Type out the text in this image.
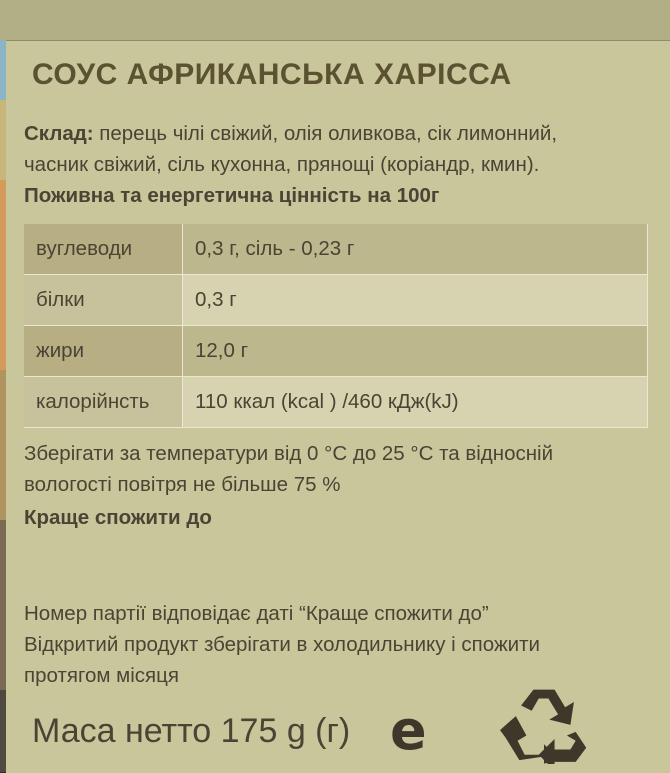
СОУС АФРИКАНСЬКА ХАРІССА
Склад: перець чілі свіжий, олія оливкова, сік лимонний,
часник свіжий, сіль кухонна, прянощі (коріандр, кмин).
Поживна та енергетична цінність на 100г
вуглеводи	0,3 г, сіль - 0,23 г
білки	0,3 г
жири	12,0 г
калорійнсть	110 ккал (kcal ) /460 кДж(kJ)
Зберігати за температури від 0 °С до 25 °С та відносній
вологості повітря не більше 75 %
Краще спожити до
Номер партії відповідає даті “Краще спожити до”
Відкритий продукт зберігати в холодильнику і спожити
протягом місяця
Маса нетто 175 g (г) e
